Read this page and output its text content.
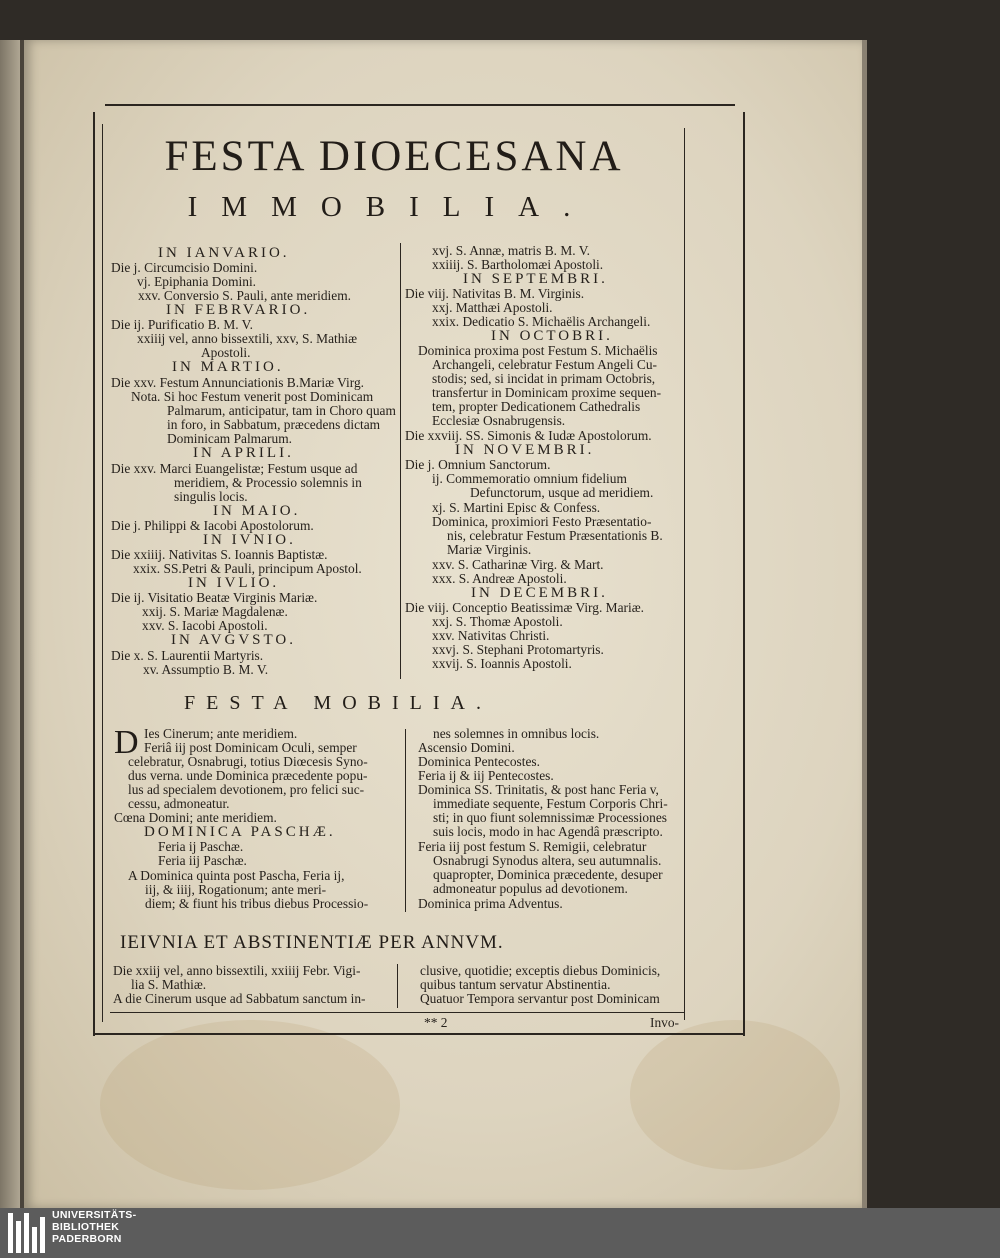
FESTA DIOECESANA
IMMOBILIA.
IN IANVARIO.
Die j. Circumcisio Domini.
vj. Epiphania Domini.
xxv. Conversio S. Pauli, ante meridiem.
IN FEBRVARIO.
Die ij. Purificatio B. M. V.
xxiiij vel, anno bissextili, xxv, S. Mathiæ
Apostoli.
IN MARTIO.
Die xxv. Festum Annunciationis B.Mariæ Virg.
Nota. Si hoc Festum venerit post Dominicam
Palmarum, anticipatur, tam in Choro quam
in foro, in Sabbatum, præcedens dictam
Dominicam Palmarum.
IN APRILI.
Die xxv. Marci Euangelistæ; Festum usque ad
meridiem, & Processio solemnis in
singulis locis.
IN MAIO.
Die j. Philippi & Iacobi Apostolorum.
IN IVNIO.
Die xxiiij. Nativitas S. Ioannis Baptistæ.
xxix. SS.Petri & Pauli, principum Apostol.
IN IVLIO.
Die ij. Visitatio Beatæ Virginis Mariæ.
xxij. S. Mariæ Magdalenæ.
xxv. S. Iacobi Apostoli.
IN AVGVSTO.
Die x. S. Laurentii Martyris.
xv. Assumptio B. M. V.
xvj. S. Annæ, matris B. M. V.
xxiiij. S. Bartholomæi Apostoli.
IN SEPTEMBRI.
Die viij. Nativitas B. M. Virginis.
xxj. Matthæi Apostoli.
xxix. Dedicatio S. Michaëlis Archangeli.
IN OCTOBRI.
Dominica proxima post Festum S. Michaëlis
Archangeli, celebratur Festum Angeli Cu-
stodis; sed, si incidat in primam Octobris,
transfertur in Dominicam proxime sequen-
tem, propter Dedicationem Cathedralis
Ecclesiæ Osnabrugensis.
Die xxviij. SS. Simonis & Iudæ Apostolorum.
IN NOVEMBRI.
Die j. Omnium Sanctorum.
ij. Commemoratio omnium fidelium
Defunctorum, usque ad meridiem.
xj. S. Martini Episc & Confess.
Dominica, proximiori Festo Præsentatio-
nis, celebratur Festum Præsentationis B.
Mariæ Virginis.
xxv. S. Catharinæ Virg. & Mart.
xxx. S. Andreæ Apostoli.
IN DECEMBRI.
Die viij. Conceptio Beatissimæ Virg. Mariæ.
xxj. S. Thomæ Apostoli.
xxv. Nativitas Christi.
xxvj. S. Stephani Protomartyris.
xxvij. S. Ioannis Apostoli.
FESTA MOBILIA.
D Ies Cinerum; ante meridiem.
Feriâ iij post Dominicam Oculi, semper
celebratur, Osnabrugi, totius Diœcesis Syno-
dus verna. unde Dominica præcedente popu-
lus ad specialem devotionem, pro felici suc-
cessu, admoneatur.
Cœna Domini; ante meridiem.
DOMINICA PASCHÆ.
Feria ij Paschæ.
Feria iij Paschæ.
A Dominica quinta post Pascha, Feria ij,
iij, & iiij, Rogationum; ante meri-
diem; & fiunt his tribus diebus Processio-
nes solemnes in omnibus locis.
Ascensio Domini.
Dominica Pentecostes.
Feria ij & iij Pentecostes.
Dominica SS. Trinitatis, & post hanc Feria v,
immediate sequente, Festum Corporis Chri-
sti; in quo fiunt solemnissimæ Processiones
suis locis, modo in hac Agendâ præscripto.
Feria iij post festum S. Remigii, celebratur
Osnabrugi Synodus altera, seu autumnalis.
quapropter, Dominica præcedente, desuper
admoneatur populus ad devotionem.
Dominica prima Adventus.
IEIVNIA ET ABSTINENTIÆ PER ANNVM.
Die xxiij vel, anno bissextili, xxiiij Febr. Vigi-
lia S. Mathiæ.
A die Cinerum usque ad Sabbatum sanctum in-
clusive, quotidie; exceptis diebus Dominicis,
quibus tantum servatur Abstinentia.
Quatuor Tempora servantur post Dominicam
** 2	Invo-
UNIVERSITÄTS-
BIBLIOTHEK
PADERBORN
